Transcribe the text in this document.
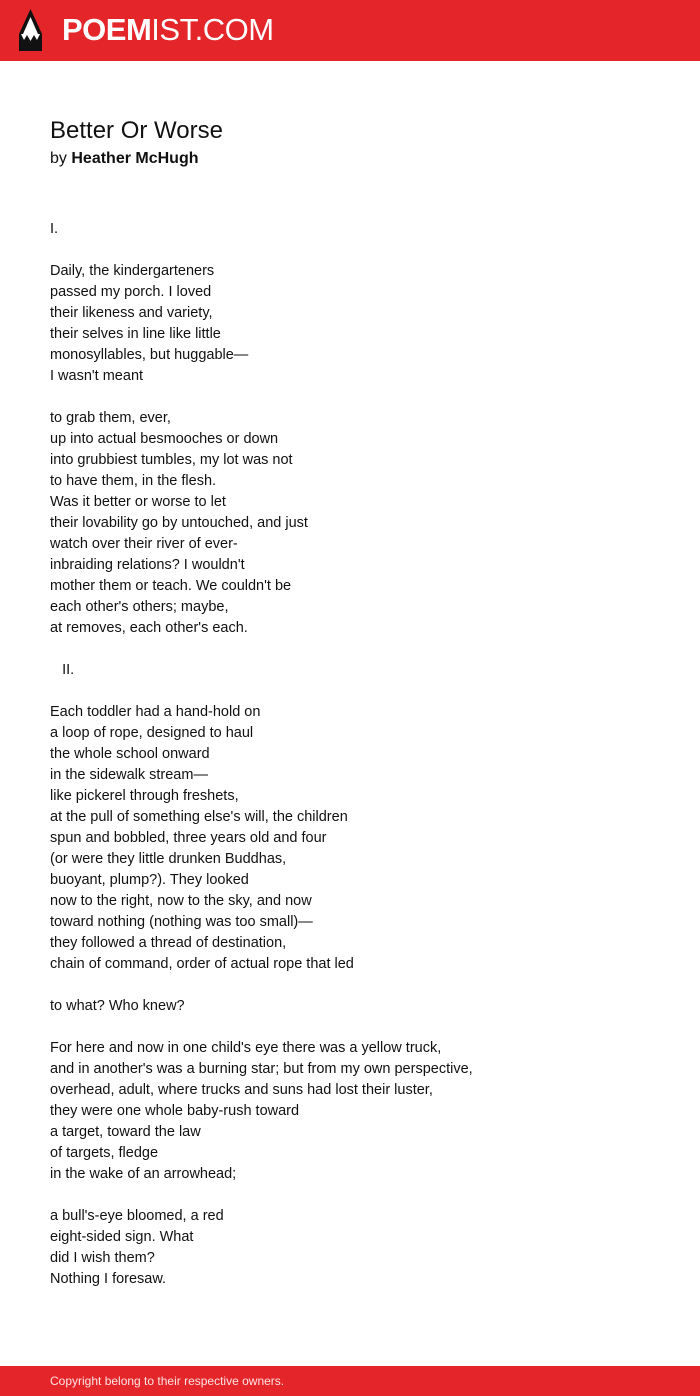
POEMIST.COM
Better Or Worse
by Heather McHugh
I.
Daily, the kindergarteners
passed my porch. I loved
their likeness and variety,
their selves in line like little
monosyllables, but huggable—
I wasn't meant
to grab them, ever,
up into actual besmooches or down
into grubbiest tumbles, my lot was not
to have them, in the flesh.
Was it better or worse to let
their lovability go by untouched, and just
watch over their river of ever-
inbraiding relations? I wouldn't
mother them or teach. We couldn't be
each other's others; maybe,
at removes, each other's each.
II.
Each toddler had a hand-hold on
a loop of rope, designed to haul
the whole school onward
in the sidewalk stream—
like pickerel through freshets,
at the pull of something else's will, the children
spun and bobbled, three years old and four
(or were they little drunken Buddhas,
buoyant, plump?). They looked
now to the right, now to the sky, and now
toward nothing (nothing was too small)—
they followed a thread of destination,
chain of command, order of actual rope that led
to what? Who knew?
For here and now in one child's eye there was a yellow truck,
and in another's was a burning star; but from my own perspective,
overhead, adult, where trucks and suns had lost their luster,
they were one whole baby-rush toward
a target, toward the law
of targets, fledge
in the wake of an arrowhead;
a bull's-eye bloomed, a red
eight-sided sign. What
did I wish them?
Nothing I foresaw.
Copyright belong to their respective owners.
